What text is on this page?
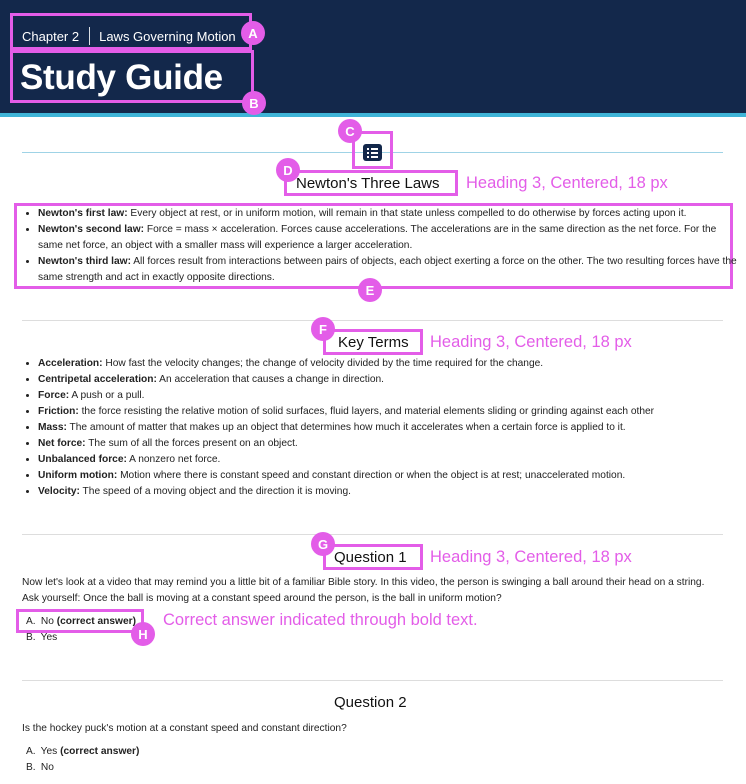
Chapter 2 Laws Governing Motion
Study Guide
A
B
C
D
Newton's Three Laws Heading 3, Centered, 18 px
E
• Newton's first law: Every object at rest, or in uniform motion, will remain in that state unless compelled to do otherwise by forces acting upon it.
• Newton's second law: Force = mass × acceleration. Forces cause accelerations. The accelerations are in the same direction as the net force. For the same net force, an object with a smaller mass will experience a larger acceleration.
• Newton's third law: All forces result from interactions between pairs of objects, each object exerting a force on the other. The two resulting forces have the same strength and act in exactly opposite directions.
F
Key Terms Heading 3, Centered, 18 px
• Acceleration: How fast the velocity changes; the change of velocity divided by the time required for the change.
• Centripetal acceleration: An acceleration that causes a change in direction.
• Force: A push or a pull.
• Friction: the force resisting the relative motion of solid surfaces, fluid layers, and material elements sliding or grinding against each other
• Mass: The amount of matter that makes up an object that determines how much it accelerates when a certain force is applied to it.
• Net force: The sum of all the forces present on an object.
• Unbalanced force: A nonzero net force.
• Uniform motion: Motion where there is constant speed and constant direction or when the object is at rest; unaccelerated motion.
• Velocity: The speed of a moving object and the direction it is moving.
G
Question 1 Heading 3, Centered, 18 px
Now let's look at a video that may remind you a little bit of a familiar Bible story. In this video, the person is swinging a ball around their head on a string. Ask yourself: Once the ball is moving at a constant speed around the person, is the ball in uniform motion?
H
Correct answer indicated through bold text.
A. No (correct answer)
B. Yes
Question 2
Is the hockey puck's motion at a constant speed and constant direction?
A. Yes (correct answer)
B. No
